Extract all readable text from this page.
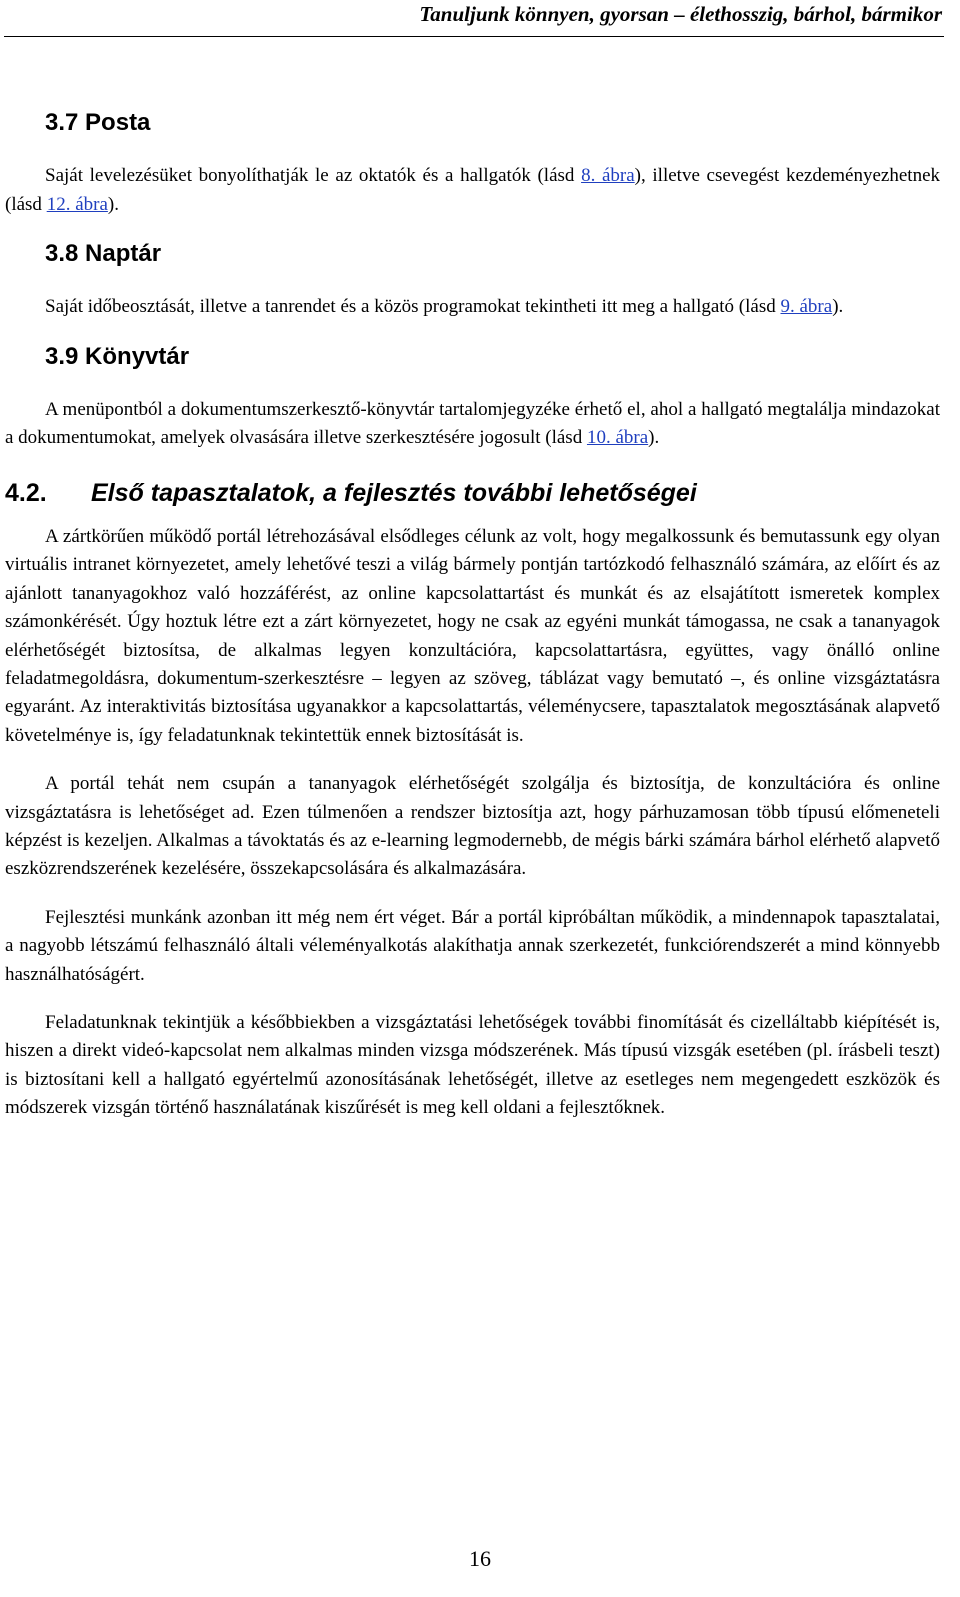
Tanuljunk könnyen, gyorsan – élethosszig, bárhol, bármikor
3.7 Posta

Saját levelezésüket bonyolíthatják le az oktatók és a hallgatók (lásd 8. ábra), illetve csevegést kezdeményezhetnek (lásd 12. ábra).

3.8 Naptár

Saját időbeosztását, illetve a tanrendet és a közös programokat tekintheti itt meg a hallgató (lásd 9. ábra).

3.9 Könyvtár

A menüpontból a dokumentumszerkesztő-könyvtár tartalomjegyzéke érhető el, ahol a hallgató megtalálja mindazokat a dokumentumokat, amelyek olvasására illetve szerkesztésére jogosult (lásd 10. ábra).

4.2. Első tapasztalatok, a fejlesztés további lehetőségei

A zártkörűen működő portál létrehozásával elsődleges célunk az volt, hogy megalkossunk és bemutassunk egy olyan virtuális intranet környezetet, amely lehetővé teszi a világ bármely pontján tartózkodó felhasználó számára, az előírt és az ajánlott tananyagokhoz való hozzáférést, az online kapcsolattartást és munkát és az elsajátított ismeretek komplex számonkérését. Úgy hoztuk létre ezt a zárt környezetet, hogy ne csak az egyéni munkát támogassa, ne csak a tananyagok elérhetőségét biztosítsa, de alkalmas legyen konzultációra, kapcsolattartásra, együttes, vagy önálló online feladatmegoldásra, dokumentum-szerkesztésre – legyen az szöveg, táblázat vagy bemutató –, és online vizsgáztatásra egyaránt. Az interaktivitás biztosítása ugyanakkor a kapcsolattartás, véleménycsere, tapasztalatok megosztásának alapvető követelménye is, így feladatunknak tekintettük ennek biztosítását is.

A portál tehát nem csupán a tananyagok elérhetőségét szolgálja és biztosítja, de konzultációra és online vizsgáztatásra is lehetőséget ad. Ezen túlmenően a rendszer biztosítja azt, hogy párhuzamosan több típusú előmeneteli képzést is kezeljen. Alkalmas a távoktatás és az e-learning legmodernebb, de mégis bárki számára bárhol elérhető alapvető eszközrendszerének kezelésére, összekapcsolására és alkalmazására.

Fejlesztési munkánk azonban itt még nem ért véget. Bár a portál kipróbáltan működik, a mindennapok tapasztalatai, a nagyobb létszámú felhasználó általi véleményalkotás alakíthatja annak szerkezetét, funkciórendszerét a mind könnyebb használhatóságért.

Feladatunknak tekintjük a későbbiekben a vizsgáztatási lehetőségek további finomítását és cizelláltabb kiépítését is, hiszen a direkt videó-kapcsolat nem alkalmas minden vizsga módszerének. Más típusú vizsgák esetében (pl. írásbeli teszt) is biztosítani kell a hallgató egyértelmű azonosításának lehetőségét, illetve az esetleges nem megengedett eszközök és módszerek vizsgán történő használatának kiszűrését is meg kell oldani a fejlesztőknek.

16
